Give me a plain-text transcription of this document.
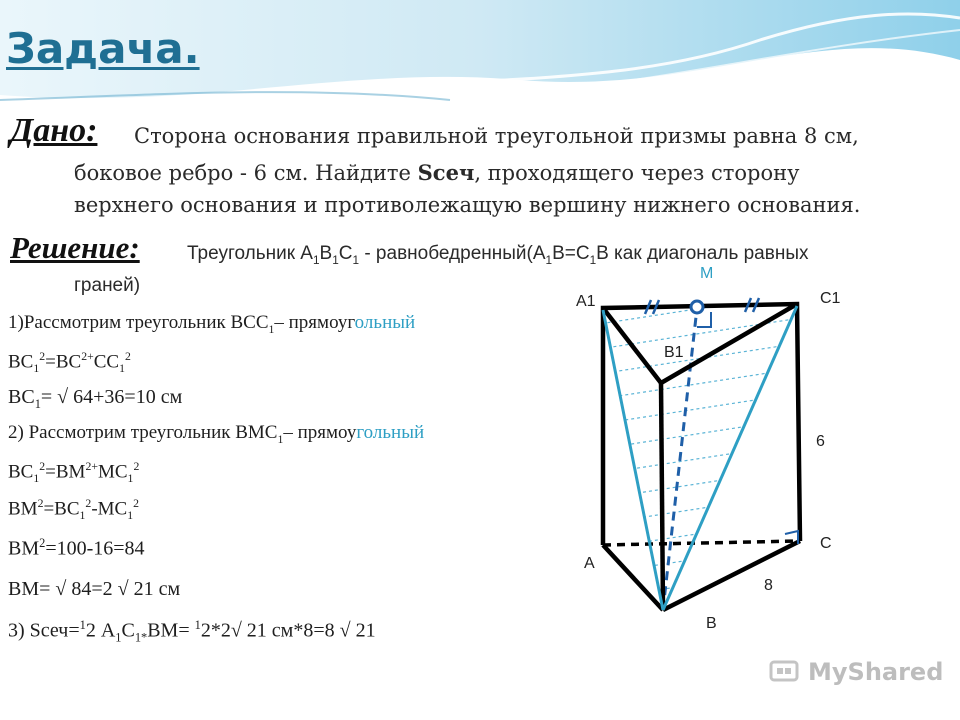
Задача.
Дано: Сторона основания правильной треугольной призмы равна 8 см,
боковое ребро - 6 см. Найдите Sсеч, проходящего через сторону
верхнего основания и противолежащую вершину нижнего основания.
Решение: Треугольник $А_1В_1С_1$ - $равнобедренный(А_1В=С_1В$ как диагональ равных
граней)
1)Рассмотрим треугольник $ВСС_1-$ прямоугольный
$ВС_1^2=ВС^{2+}СС_1^2$
$ВС_1=$ √ 64+36=10 см
2) Рассмотрим треугольник $ВМС_1-$ прямоугольный
$ВС_1^2=ВМ^{2+}МС_1^2$
$ВМ^2=ВС_1^2-МС_1^2$
$ВМ^2=100-16=84$
ВМ= √ 84=2 √ 21 см
3) Sсеч=$^1$2 $А_1С_{1*}ВМ= ^12*2√$ 21 см*8=8 √ 21
A1	C1
M
B1
6
C
A
8
B
MyShared
